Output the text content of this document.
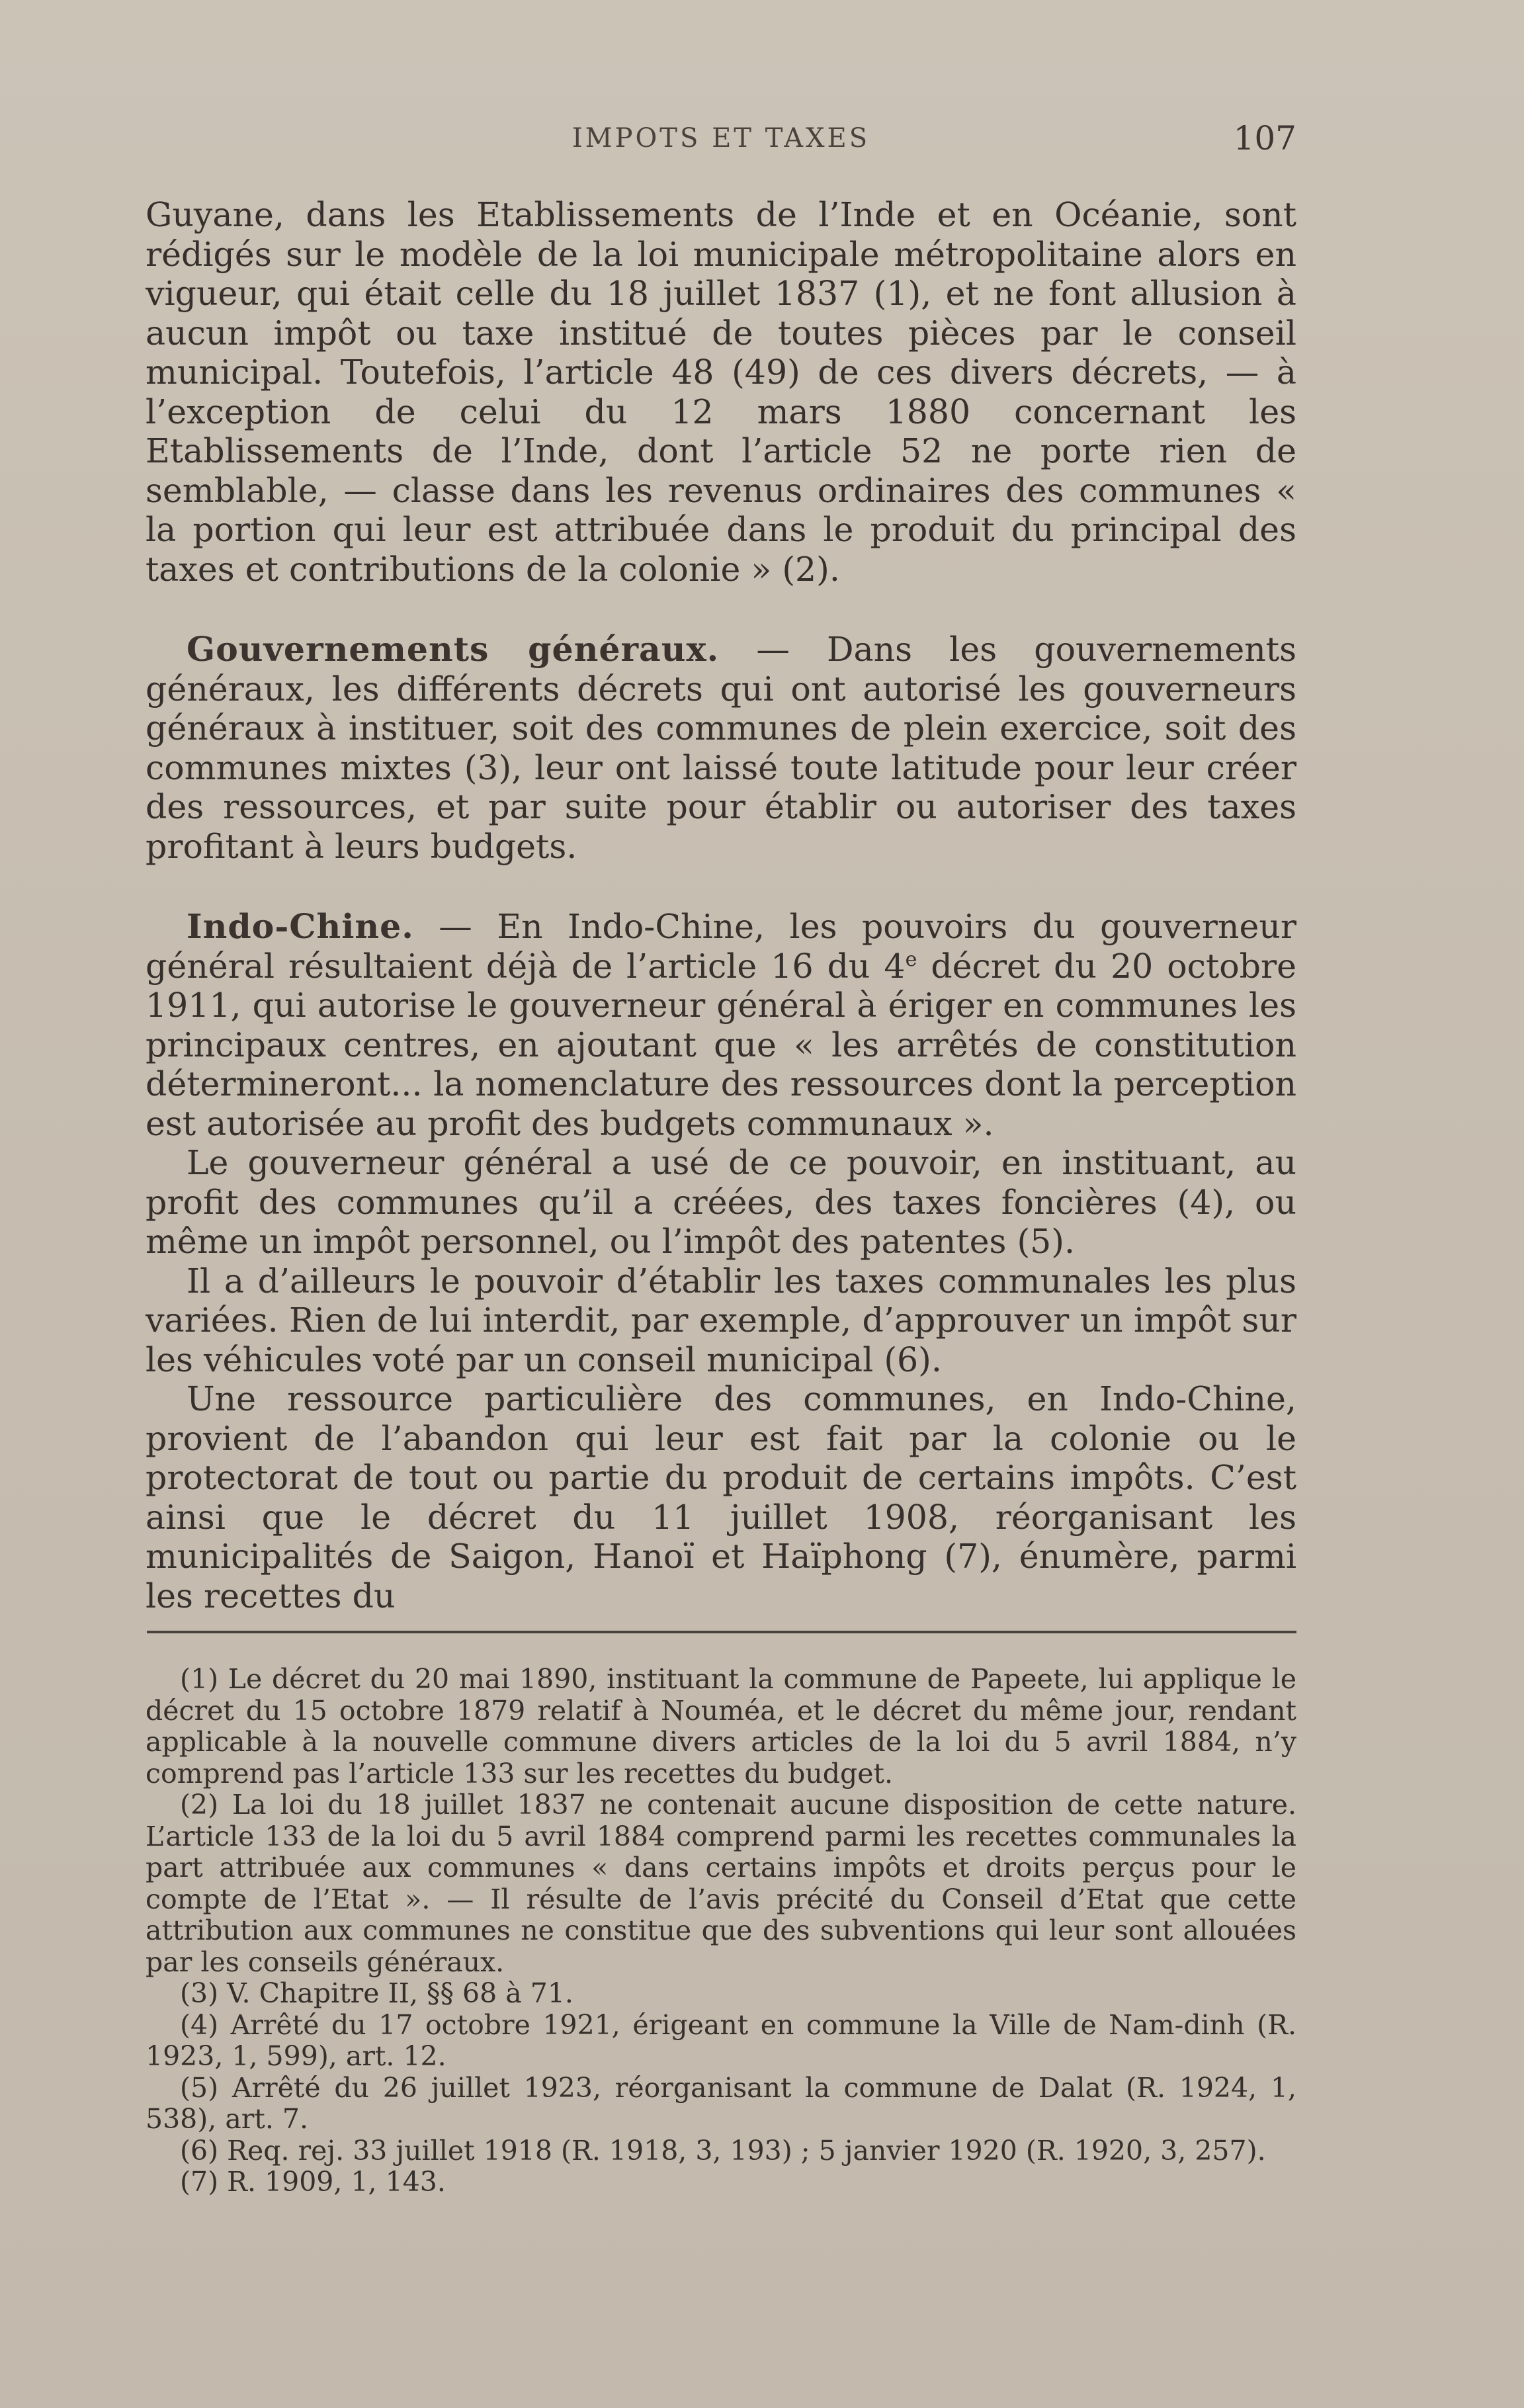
IMPOTS ET TAXES	107

Guyane, dans les Etablissements de l’Inde et en Océanie, sont rédigés sur le modèle de la loi municipale métropolitaine alors en vigueur, qui était celle du 18 juillet 1837 (1), et ne font allusion à aucun impôt ou taxe institué de toutes pièces par le conseil municipal. Toutefois, l’article 48 (49) de ces divers décrets, — à l’exception de celui du 12 mars 1880 concernant les Etablissements de l’Inde, dont l’article 52 ne porte rien de semblable, — classe dans les revenus ordinaires des communes « la portion qui leur est attribuée dans le produit du principal des taxes et contributions de la colonie » (2).

Gouvernements généraux. — Dans les gouvernements généraux, les différents décrets qui ont autorisé les gouverneurs généraux à instituer, soit des communes de plein exercice, soit des communes mixtes (3), leur ont laissé toute latitude pour leur créer des ressources, et par suite pour établir ou autoriser des taxes profitant à leurs budgets.

Indo-Chine. — En Indo-Chine, les pouvoirs du gouverneur général résultaient déjà de l’article 16 du 4e décret du 20 octobre 1911, qui autorise le gouverneur général à ériger en communes les principaux centres, en ajoutant que « les arrêtés de constitution détermineront... la nomenclature des ressources dont la perception est autorisée au profit des budgets communaux ».

Le gouverneur général a usé de ce pouvoir, en instituant, au profit des communes qu’il a créées, des taxes foncières (4), ou même un impôt personnel, ou l’impôt des patentes (5).

Il a d’ailleurs le pouvoir d’établir les taxes communales les plus variées. Rien de lui interdit, par exemple, d’approuver un impôt sur les véhicules voté par un conseil municipal (6).

Une ressource particulière des communes, en Indo-Chine, provient de l’abandon qui leur est fait par la colonie ou le protectorat de tout ou partie du produit de certains impôts. C’est ainsi que le décret du 11 juillet 1908, réorganisant les municipalités de Saigon, Hanoï et Haïphong (7), énumère, parmi les recettes du

(1) Le décret du 20 mai 1890, instituant la commune de Papeete, lui applique le décret du 15 octobre 1879 relatif à Nouméa, et le décret du même jour, rendant applicable à la nouvelle commune divers articles de la loi du 5 avril 1884, n’y comprend pas l’article 133 sur les recettes du budget.

(2) La loi du 18 juillet 1837 ne contenait aucune disposition de cette nature. L’article 133 de la loi du 5 avril 1884 comprend parmi les recettes communales la part attribuée aux communes « dans certains impôts et droits perçus pour le compte de l’Etat ». — Il résulte de l’avis précité du Conseil d’Etat que cette attribution aux communes ne constitue que des subventions qui leur sont allouées par les conseils généraux.

(3) V. Chapitre II, §§ 68 à 71.

(4) Arrêté du 17 octobre 1921, érigeant en commune la Ville de Nam-dinh (R. 1923, 1, 599), art. 12.

(5) Arrêté du 26 juillet 1923, réorganisant la commune de Dalat (R. 1924, 1, 538), art. 7.

(6) Req. rej. 33 juillet 1918 (R. 1918, 3, 193) ; 5 janvier 1920 (R. 1920, 3, 257).

(7) R. 1909, 1, 143.
